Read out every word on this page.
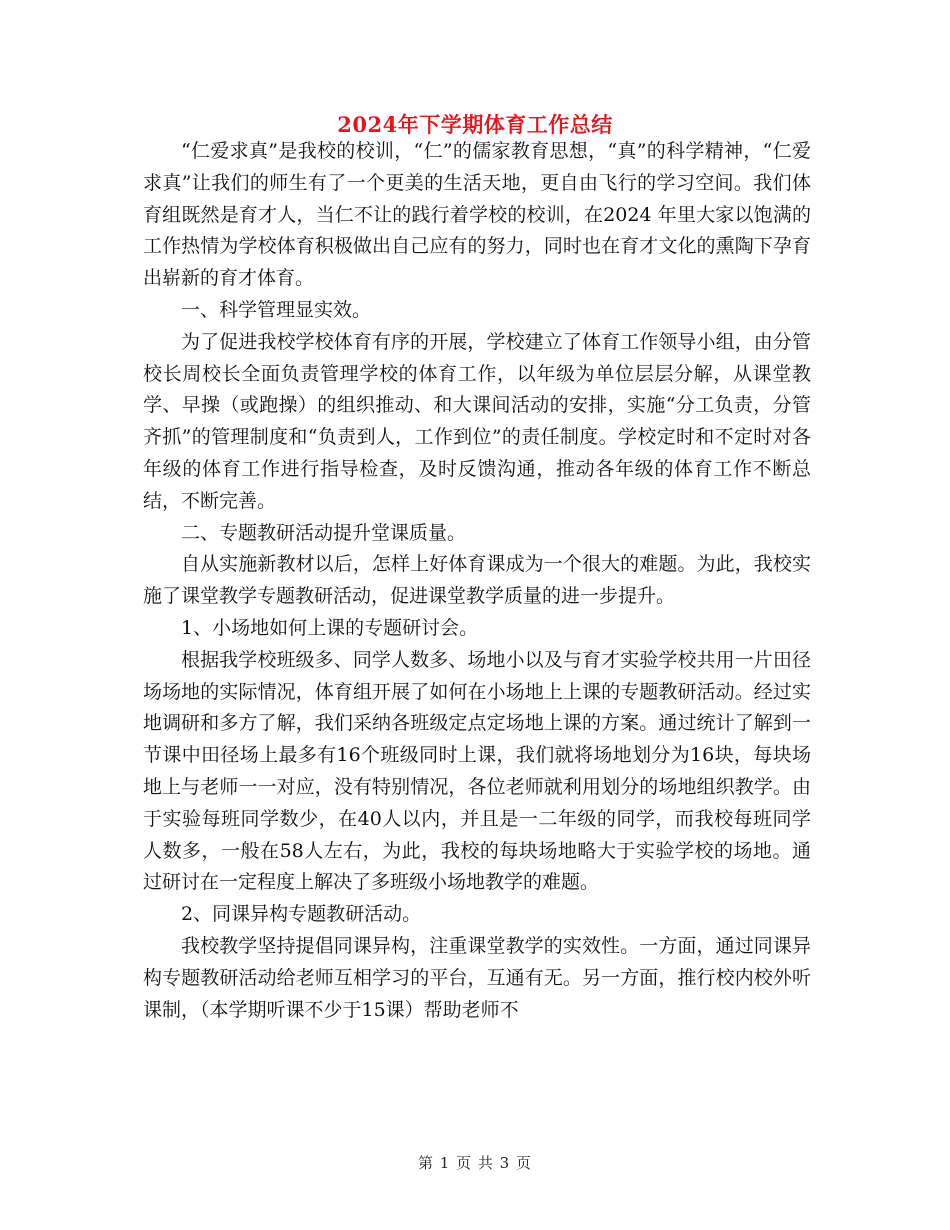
2024年下学期体育工作总结

“仁爱求真”是我校的校训，“仁”的儒家教育思想，“真”的科学精神，“仁爱求真”让我们的师生有了一个更美的生活天地，更自由飞行的学习空间。我们体育组既然是育才人，当仁不让的践行着学校的校训，在2024 年里大家以饱满的工作热情为学校体育积极做出自己应有的努力，同时也在育才文化的熏陶下孕育出崭新的育才体育。

一、科学管理显实效。

为了促进我校学校体育有序的开展，学校建立了体育工作领导小组，由分管校长周校长全面负责管理学校的体育工作，以年级为单位层层分解，从课堂教学、早操（或跑操）的组织推动、和大课间活动的安排，实施“分工负责，分管齐抓”的管理制度和“负责到人，工作到位”的责任制度。学校定时和不定时对各年级的体育工作进行指导检查，及时反馈沟通，推动各年级的体育工作不断总结，不断完善。

二、专题教研活动提升堂课质量。

自从实施新教材以后，怎样上好体育课成为一个很大的难题。为此，我校实施了课堂教学专题教研活动，促进课堂教学质量的进一步提升。

1、小场地如何上课的专题研讨会。

根据我学校班级多、同学人数多、场地小以及与育才实验学校共用一片田径场场地的实际情况，体育组开展了如何在小场地上上课的专题教研活动。经过实地调研和多方了解，我们采纳各班级定点定场地上课的方案。通过统计了解到一节课中田径场上最多有16个班级同时上课，我们就将场地划分为16块，每块场地上与老师一一对应，没有特别情况，各位老师就利用划分的场地组织教学。由于实验每班同学数少，在40人以内，并且是一二年级的同学，而我校每班同学人数多，一般在58人左右，为此，我校的每块场地略大于实验学校的场地。通过研讨在一定程度上解决了多班级小场地教学的难题。

2、同课异构专题教研活动。

我校教学坚持提倡同课异构，注重课堂教学的实效性。一方面，通过同课异构专题教研活动给老师互相学习的平台，互通有无。另一方面，推行校内校外听课制，（本学期听课不少于15课）帮助老师不

第 1 页 共 3 页
